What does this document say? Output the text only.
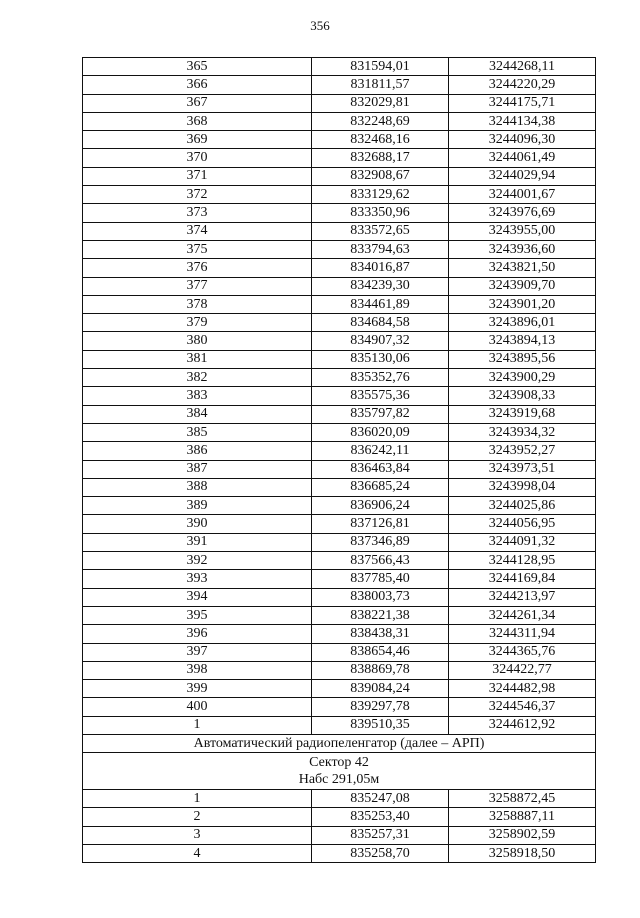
356
365	831594,01	3244268,11
366	831811,57	3244220,29
367	832029,81	3244175,71
368	832248,69	3244134,38
369	832468,16	3244096,30
370	832688,17	3244061,49
371	832908,67	3244029,94
372	833129,62	3244001,67
373	833350,96	3243976,69
374	833572,65	3243955,00
375	833794,63	3243936,60
376	834016,87	3243821,50
377	834239,30	3243909,70
378	834461,89	3243901,20
379	834684,58	3243896,01
380	834907,32	3243894,13
381	835130,06	3243895,56
382	835352,76	3243900,29
383	835575,36	3243908,33
384	835797,82	3243919,68
385	836020,09	3243934,32
386	836242,11	3243952,27
387	836463,84	3243973,51
388	836685,24	3243998,04
389	836906,24	3244025,86
390	837126,81	3244056,95
391	837346,89	3244091,32
392	837566,43	3244128,95
393	837785,40	3244169,84
394	838003,73	3244213,97
395	838221,38	3244261,34
396	838438,31	3244311,94
397	838654,46	3244365,76
398	838869,78	324422,77
399	839084,24	3244482,98
400	839297,78	3244546,37
1	839510,35	3244612,92
Автоматический радиопеленгатор (далее – АРП)		

Сектор 42
Набс 291,05м		

1	835247,08	3258872,45
2	835253,40	3258887,11
3	835257,31	3258902,59
4	835258,70	3258918,50
